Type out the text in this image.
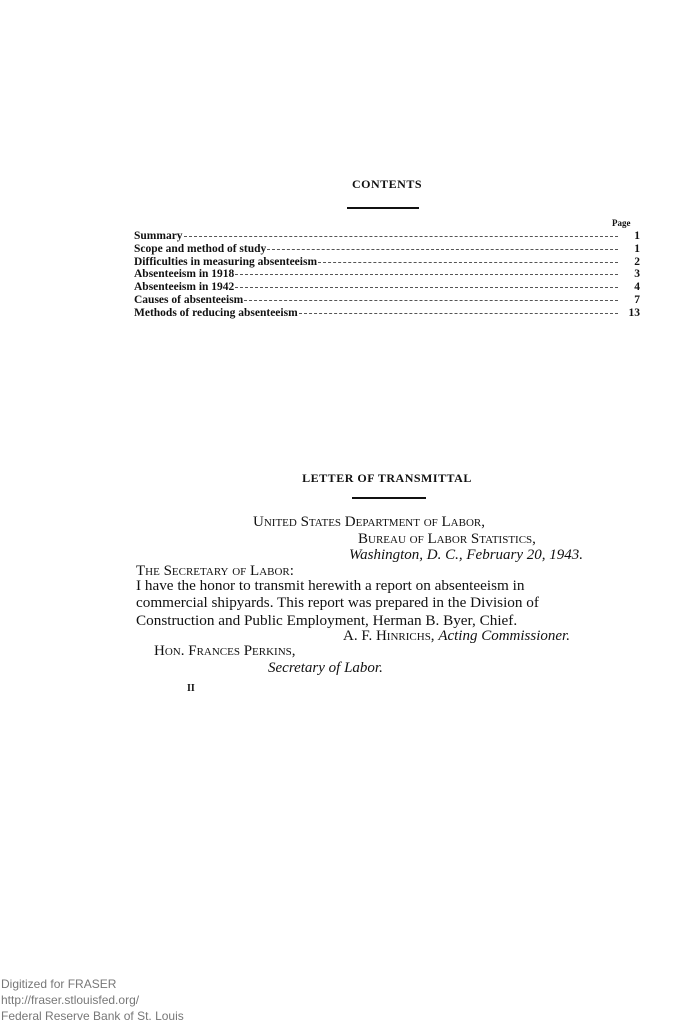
CONTENTS
Page
Summary	1
Scope and method of study	1
Difficulties in measuring absenteeism	2
Absenteeism in 1918	3
Absenteeism in 1942	4
Causes of absenteeism	7
Methods of reducing absenteeism	13
LETTER OF TRANSMITTAL
United States Department of Labor,
Bureau of Labor Statistics,
Washington, D. C., February 20, 1943.
The Secretary of Labor:

I have the honor to transmit herewith a report on absenteeism in

commercial shipyards. This report was prepared in the Division of

Construction and Public Employment, Herman B. Byer, Chief.

A. F. Hinrichs, Acting Commissioner.
Hon. Frances Perkins,
Secretary of Labor.
II
Digitized for FRASER
http://fraser.stlouisfed.org/
Federal Reserve Bank of St. Louis
